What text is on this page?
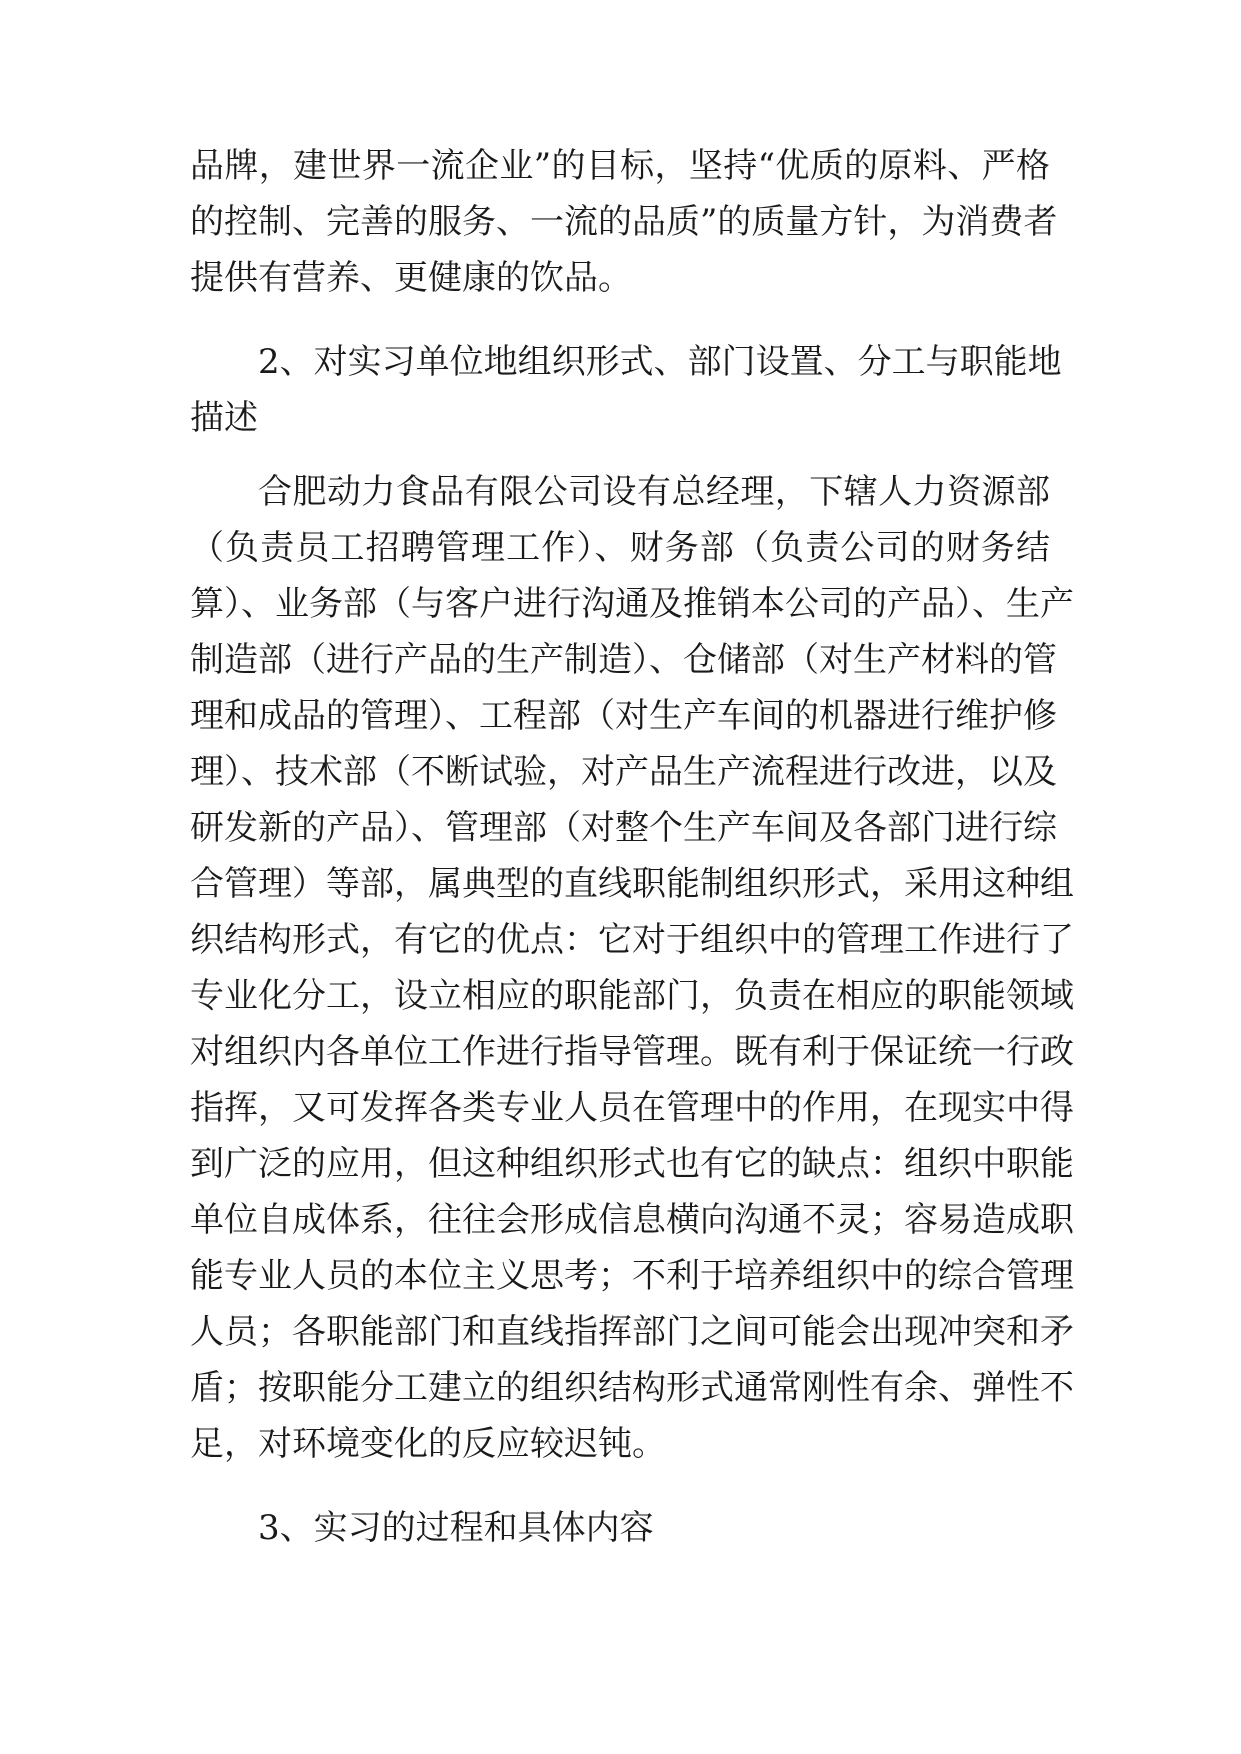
品牌，建世界一流企业”的目标，坚持“优质的原料、严格
的控制、完善的服务、一流的品质”的质量方针，为消费者
提供有营养、更健康的饮品。
2、对实习单位地组织形式、部门设置、分工与职能地
描述
合肥动力食品有限公司设有总经理，下辖人力资源部
（负责员工招聘管理工作）、财务部（负责公司的财务结
算）、业务部（与客户进行沟通及推销本公司的产品）、生产
制造部（进行产品的生产制造）、仓储部（对生产材料的管
理和成品的管理）、工程部（对生产车间的机器进行维护修
理）、技术部（不断试验，对产品生产流程进行改进，以及
研发新的产品）、管理部（对整个生产车间及各部门进行综
合管理）等部，属典型的直线职能制组织形式，采用这种组
织结构形式，有它的优点：它对于组织中的管理工作进行了
专业化分工，设立相应的职能部门，负责在相应的职能领域
对组织内各单位工作进行指导管理。既有利于保证统一行政
指挥，又可发挥各类专业人员在管理中的作用，在现实中得
到广泛的应用，但这种组织形式也有它的缺点：组织中职能
单位自成体系，往往会形成信息横向沟通不灵；容易造成职
能专业人员的本位主义思考；不利于培养组织中的综合管理
人员；各职能部门和直线指挥部门之间可能会出现冲突和矛
盾；按职能分工建立的组织结构形式通常刚性有余、弹性不
足，对环境变化的反应较迟钝。
3、实习的过程和具体内容
